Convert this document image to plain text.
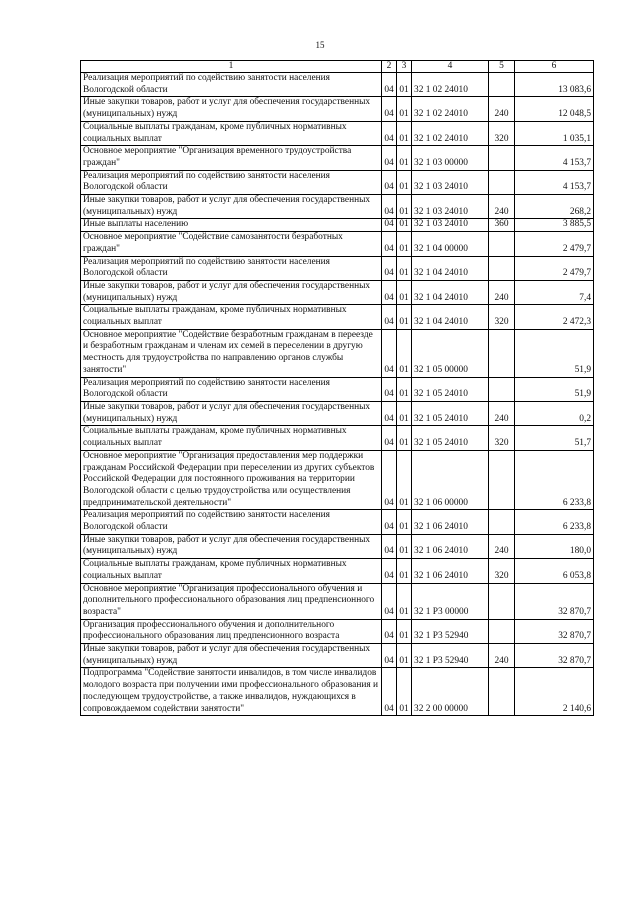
15
1	2	3	4	5	6
Реализация мероприятий по содействию занятости населения Вологодской области	04	01	32 1 02 24010		13 083,6
Иные закупки товаров, работ и услуг для обеспечения государственных (муниципальных) нужд	04	01	32 1 02 24010	240	12 048,5
Социальные выплаты гражданам, кроме публичных нормативных социальных выплат	04	01	32 1 02 24010	320	1 035,1
Основное мероприятие "Организация временного трудоустройства граждан"	04	01	32 1 03 00000		4 153,7
Реализация мероприятий по содействию занятости населения Вологодской области	04	01	32 1 03 24010		4 153,7
Иные закупки товаров, работ и услуг для обеспечения государственных (муниципальных) нужд	04	01	32 1 03 24010	240	268,2
Иные выплаты населению	04	01	32 1 03 24010	360	3 885,5
Основное мероприятие "Содействие самозанятости безработных граждан"	04	01	32 1 04 00000		2 479,7
Реализация мероприятий по содействию занятости населения Вологодской области	04	01	32 1 04 24010		2 479,7
Иные закупки товаров, работ и услуг для обеспечения государственных (муниципальных) нужд	04	01	32 1 04 24010	240	7,4
Социальные выплаты гражданам, кроме публичных нормативных социальных выплат	04	01	32 1 04 24010	320	2 472,3
Основное мероприятие "Содействие безработным гражданам в переезде и безработным гражданам и членам их семей в переселении в другую местность для трудоустройства по направлению органов службы занятости"	04	01	32 1 05 00000		51,9
Реализация мероприятий по содействию занятости населения Вологодской области	04	01	32 1 05 24010		51,9
Иные закупки товаров, работ и услуг для обеспечения государственных (муниципальных) нужд	04	01	32 1 05 24010	240	0,2
Социальные выплаты гражданам, кроме публичных нормативных социальных выплат	04	01	32 1 05 24010	320	51,7
Основное мероприятие "Организация предоставления мер поддержки гражданам Российской Федерации при переселении из других субъектов Российской Федерации для постоянного проживания на территории Вологодской области с целью трудоустройства или осуществления предпринимательской деятельности"	04	01	32 1 06 00000		6 233,8
Реализация мероприятий по содействию занятости населения Вологодской области	04	01	32 1 06 24010		6 233,8
Иные закупки товаров, работ и услуг для обеспечения государственных (муниципальных) нужд	04	01	32 1 06 24010	240	180,0
Социальные выплаты гражданам, кроме публичных нормативных социальных выплат	04	01	32 1 06 24010	320	6 053,8
Основное мероприятие "Организация профессионального обучения и дополнительного профессионального образования лиц предпенсионного возраста"	04	01	32 1 P3 00000		32 870,7
Организация профессионального обучения и дополнительного профессионального образования лиц предпенсионного возраста	04	01	32 1 P3 52940		32 870,7
Иные закупки товаров, работ и услуг для обеспечения государственных (муниципальных) нужд	04	01	32 1 P3 52940	240	32 870,7
Подпрограмма "Содействие занятости инвалидов, в том числе инвалидов молодого возраста при получении ими профессионального образования и последующем трудоустройстве, а также инвалидов, нуждающихся в сопровождаемом содействии занятости"	04	01	32 2 00 00000		2 140,6
